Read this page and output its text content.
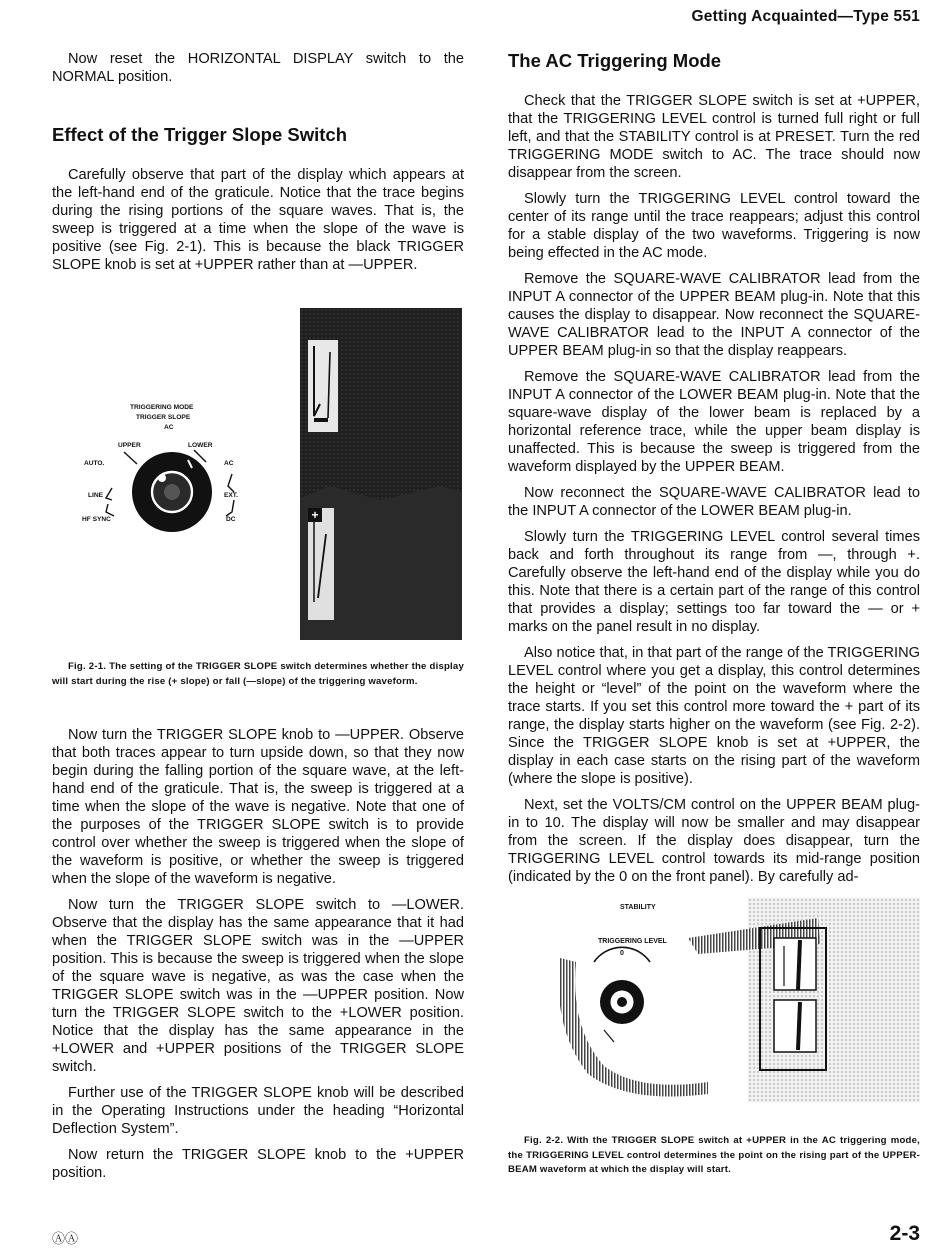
Getting Acquainted—Type 551

Now reset the HORIZONTAL DISPLAY switch to the NORMAL position.

Effect of the Trigger Slope Switch

Carefully observe that part of the display which appears at the left-hand end of the graticule. Notice that the trace begins during the rising portions of the square waves. That is, the sweep is triggered at a time when the slope of the wave is positive (see Fig. 2-1). This is because the black TRIGGER SLOPE knob is set at +UPPER rather than at —UPPER.

TRIGGERING MODE
TRIGGER SLOPE
AC
UPPER	LOWER
AUTO.	AC
LINE	EXT.
HF SYNC	DC	+

Fig. 2-1. The setting of the TRIGGER SLOPE switch determines whether the display will start during the rise (+ slope) or fall (—slope) of the triggering waveform.

Now turn the TRIGGER SLOPE knob to —UPPER. Observe that both traces appear to turn upside down, so that they now begin during the falling portion of the square wave, at the left-hand end of the graticule. That is, the sweep is triggered at a time when the slope of the wave is negative. Note that one of the purposes of the TRIGGER SLOPE switch is to provide control over whether the sweep is triggered when the slope of the waveform is positive, or whether the sweep is triggered when the slope of the waveform is negative.

Now turn the TRIGGER SLOPE switch to —LOWER. Observe that the display has the same appearance that it had when the TRIGGER SLOPE switch was in the —UPPER position. This is because the sweep is triggered when the slope of the square wave is negative, as was the case when the TRIGGER SLOPE switch was in the —UPPER position. Now turn the TRIGGER SLOPE switch to the +LOWER position. Notice that the display has the same appearance in the +LOWER and +UPPER positions of the TRIGGER SLOPE switch.

Further use of the TRIGGER SLOPE knob will be described in the Operating Instructions under the heading “Horizontal Deflection System”.

Now return the TRIGGER SLOPE knob to the +UPPER position.

The AC Triggering Mode

Check that the TRIGGER SLOPE switch is set at +UPPER, that the TRIGGERING LEVEL control is turned full right or full left, and that the STABILITY control is at PRESET. Turn the red TRIGGERING MODE switch to AC. The trace should now disappear from the screen.

Slowly turn the TRIGGERING LEVEL control toward the center of its range until the trace reappears; adjust this control for a stable display of the two waveforms. Triggering is now being effected in the AC mode.

Remove the SQUARE-WAVE CALIBRATOR lead from the INPUT A connector of the UPPER BEAM plug-in. Note that this causes the display to disappear. Now reconnect the SQUARE-WAVE CALIBRATOR lead to the INPUT A connector of the UPPER BEAM plug-in so that the display reappears.

Remove the SQUARE-WAVE CALIBRATOR lead from the INPUT A connector of the LOWER BEAM plug-in. Note that the square-wave display of the lower beam is replaced by a horizontal reference trace, while the upper beam display is unaffected. This is because the sweep is triggered from the waveform displayed by the UPPER BEAM.

Now reconnect the SQUARE-WAVE CALIBRATOR lead to the INPUT A connector of the LOWER BEAM plug-in.

Slowly turn the TRIGGERING LEVEL control several times back and forth throughout its range from —, through +. Carefully observe the left-hand end of the display while you do this. Note that there is a certain part of the range of this control that provides a display; settings too far toward the — or + marks on the panel result in no display.

Also notice that, in that part of the range of the TRIGGERING LEVEL control where you get a display, this control determines the height or “level” of the point on the waveform where the trace starts. If you set this control more toward the + part of its range, the display starts higher on the waveform (see Fig. 2-2). Since the TRIGGER SLOPE knob is set at +UPPER, the display in each case starts on the rising part of the waveform (where the slope is positive).

Next, set the VOLTS/CM control on the UPPER BEAM plug-in to 10. The display will now be smaller and may disappear from the screen. If the display does disappear, turn the TRIGGERING LEVEL control towards its mid-range position (indicated by the 0 on the front panel). By carefully ad-

STABILITY
TRIGGERING LEVEL
0

Fig. 2-2. With the TRIGGER SLOPE switch at +UPPER in the AC triggering mode, the TRIGGERING LEVEL control determines the point on the rising part of the UPPER-BEAM waveform at which the display will start.

ⒶⒶ	2-3
